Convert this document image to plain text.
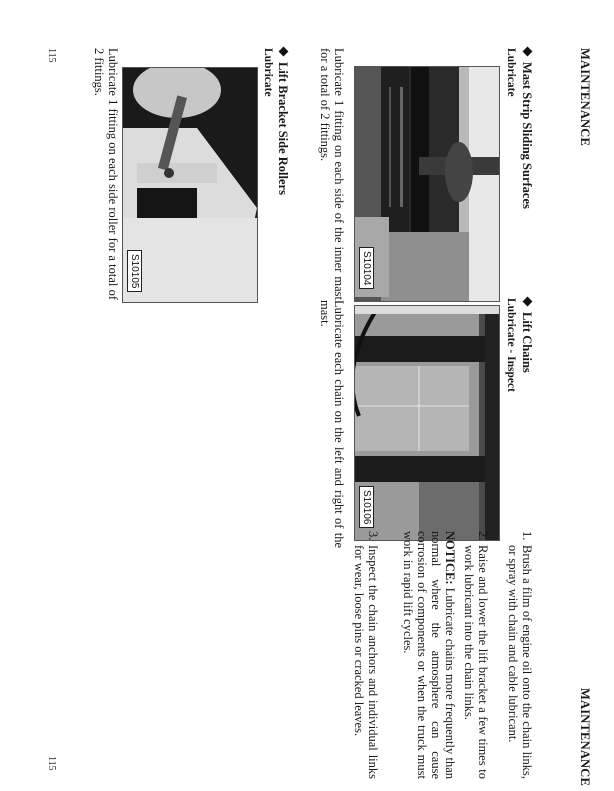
MAINTENANCE
Mast Strip Sliding Surfaces
Lubricate
S10104
Lubricate 1 fitting on each side of the inner mast for a total of 2 fittings.
Lift Bracket Side Rollers
Lubricate
S10105
Lubricate 1 fitting on each side roller for a total of 2 fittings.
115
Lift Chains
Lubricate - Inspect
S10106
Lubricate each chain on the left and right of the mast.
MAINTENANCE
1.
Brush a film of engine oil onto the chain links, or spray with chain and cable lubricant.
2.
Raise and lower the lift bracket a few times to work lubricant into the chain links.
NOTICE: Lubricate chains more frequently than normal where the atmosphere can cause corrosion of components or when the truck must work in rapid lift cycles.
3.
Inspect the chain anchors and individual links for wear, loose pins or cracked leaves.
115
